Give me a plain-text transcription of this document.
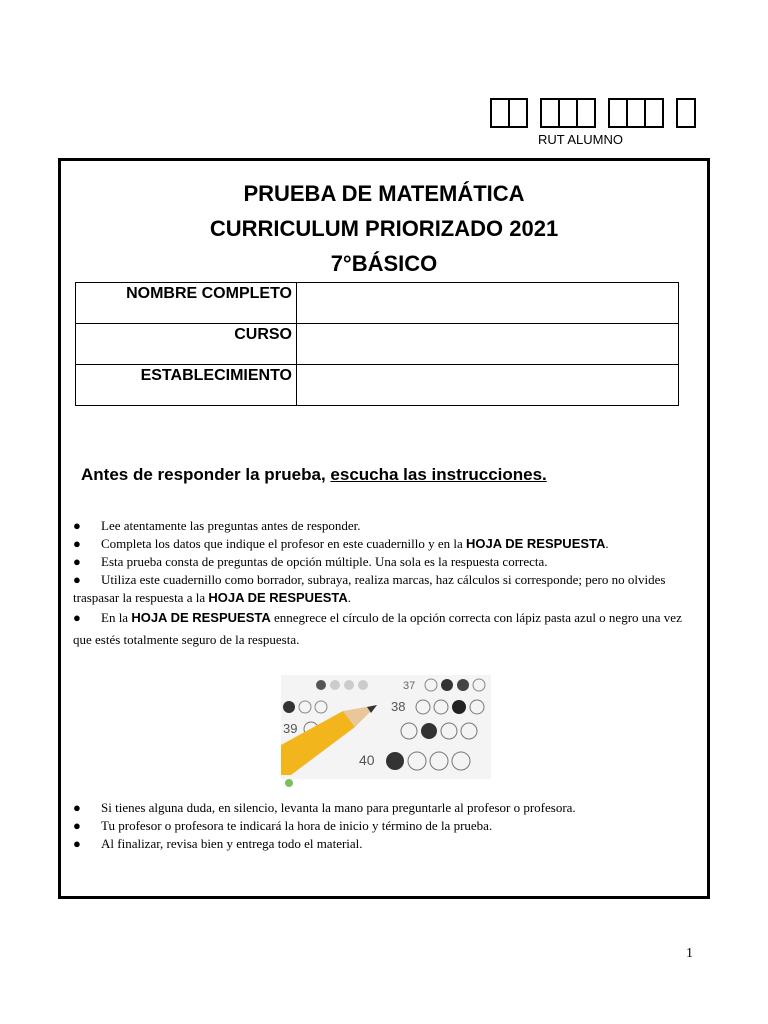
RUT ALUMNO
PRUEBA DE MATEMÁTICA
CURRICULUM PRIORIZADO 2021
7°BÁSICO
NOMBRE COMPLETO	
CURSO	
ESTABLECIMIENTO	
Antes de responder la prueba, escucha las instrucciones.
● Lee atentamente las preguntas antes de responder.
● Completa los datos que indique el profesor en este cuadernillo y en la HOJA DE RESPUESTA.
● Esta prueba consta de preguntas de opción múltiple. Una sola es la respuesta correcta.
● Utiliza este cuadernillo como borrador, subraya, realiza marcas, haz cálculos si corresponde; pero no olvides traspasar la respuesta a la HOJA DE RESPUESTA.
● En la HOJA DE RESPUESTA ennegrece el círculo de la opción correcta con lápiz pasta azul o negro una vez que estés totalmente seguro de la respuesta.
37
38
39
40
● Si tienes alguna duda, en silencio, levanta la mano para preguntarle al profesor o profesora.
● Tu profesor o profesora te indicará la hora de inicio y término de la prueba.
● Al finalizar, revisa bien y entrega todo el material.
1
